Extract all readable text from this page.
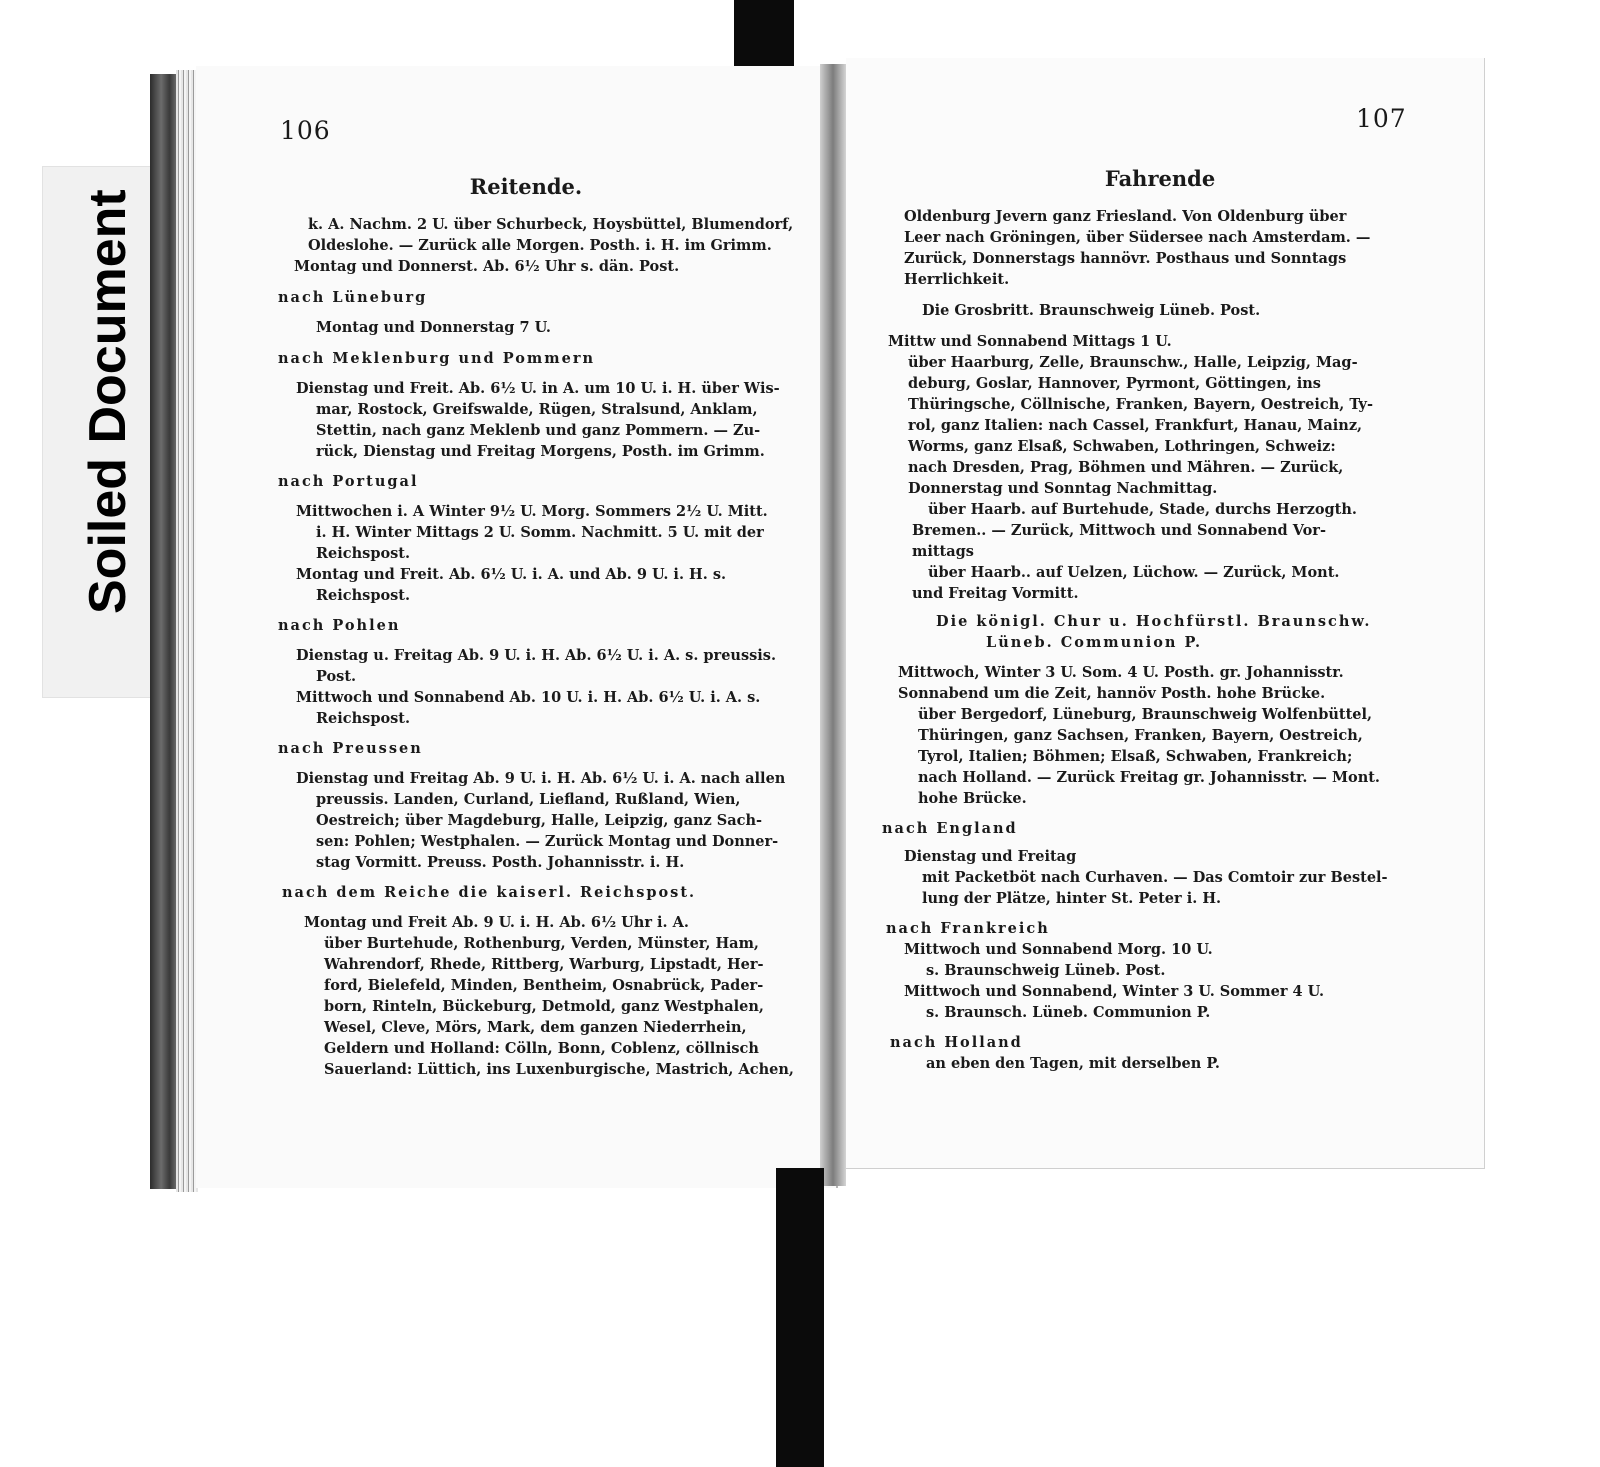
Soiled Document
106
Reitende.
k. A. Nachm. 2 U. über Schurbeck, Hoysbüttel, Blumendorf,
Oldeslohe. — Zurück alle Morgen. Posth. i. H. im Grimm.
Montag und Donnerst. Ab. 6½ Uhr s. dän. Post.
nach Lüneburg
Montag und Donnerstag 7 U.
nach Meklenburg und Pommern
Dienstag und Freit. Ab. 6½ U. in A. um 10 U. i. H. über Wis-
mar, Rostock, Greifswalde, Rügen, Stralsund, Anklam,
Stettin, nach ganz Meklenb und ganz Pommern. — Zu-
rück, Dienstag und Freitag Morgens, Posth. im Grimm.
nach Portugal
Mittwochen i. A Winter 9½ U. Morg. Sommers 2½ U. Mitt.
i. H. Winter Mittags 2 U. Somm. Nachmitt. 5 U. mit der
Reichspost.
Montag und Freit. Ab. 6½ U. i. A. und Ab. 9 U. i. H. s.
Reichspost.
nach Pohlen
Dienstag u. Freitag Ab. 9 U. i. H. Ab. 6½ U. i. A. s. preussis.
Post.
Mittwoch und Sonnabend Ab. 10 U. i. H. Ab. 6½ U. i. A. s.
Reichspost.
nach Preussen
Dienstag und Freitag Ab. 9 U. i. H. Ab. 6½ U. i. A. nach allen
preussis. Landen, Curland, Liefland, Rußland, Wien,
Oestreich; über Magdeburg, Halle, Leipzig, ganz Sach-
sen: Pohlen; Westphalen. — Zurück Montag und Donner-
stag Vormitt. Preuss. Posth. Johannisstr. i. H.
nach dem Reiche die kaiserl. Reichspost.
Montag und Freit Ab. 9 U. i. H. Ab. 6½ Uhr i. A.
über Burtehude, Rothenburg, Verden, Münster, Ham,
Wahrendorf, Rhede, Rittberg, Warburg, Lipstadt, Her-
ford, Bielefeld, Minden, Bentheim, Osnabrück, Pader-
born, Rinteln, Bückeburg, Detmold, ganz Westphalen,
Wesel, Cleve, Mörs, Mark, dem ganzen Niederrhein,
Geldern und Holland: Cölln, Bonn, Coblenz, cöllnisch
Sauerland: Lüttich, ins Luxenburgische, Mastrich, Achen,
107
Fahrende
Oldenburg Jevern ganz Friesland. Von Oldenburg über
Leer nach Gröningen, über Südersee nach Amsterdam. —
Zurück, Donnerstags hannövr. Posthaus und Sonntags
Herrlichkeit.
Die Grosbritt. Braunschweig Lüneb. Post.
Mittw und Sonnabend Mittags 1 U.
über Haarburg, Zelle, Braunschw., Halle, Leipzig, Mag-
deburg, Goslar, Hannover, Pyrmont, Göttingen, ins
Thüringsche, Cöllnische, Franken, Bayern, Oestreich, Ty-
rol, ganz Italien: nach Cassel, Frankfurt, Hanau, Mainz,
Worms, ganz Elsaß, Schwaben, Lothringen, Schweiz:
nach Dresden, Prag, Böhmen und Mähren. — Zurück,
Donnerstag und Sonntag Nachmittag.
über Haarb. auf Burtehude, Stade, durchs Herzogth.
Bremen.. — Zurück, Mittwoch und Sonnabend Vor-
mittags
über Haarb.. auf Uelzen, Lüchow. — Zurück, Mont.
und Freitag Vormitt.
Die königl. Chur u. Hochfürstl. Braunschw.
Lüneb. Communion P.
Mittwoch, Winter 3 U. Som. 4 U. Posth. gr. Johannisstr.
Sonnabend um die Zeit, hannöv Posth. hohe Brücke.
über Bergedorf, Lüneburg, Braunschweig Wolfenbüttel,
Thüringen, ganz Sachsen, Franken, Bayern, Oestreich,
Tyrol, Italien; Böhmen; Elsaß, Schwaben, Frankreich;
nach Holland. — Zurück Freitag gr. Johannisstr. — Mont.
hohe Brücke.
nach England
Dienstag und Freitag
mit Packetböt nach Curhaven. — Das Comtoir zur Bestel-
lung der Plätze, hinter St. Peter i. H.
nach Frankreich
Mittwoch und Sonnabend Morg. 10 U.
s. Braunschweig Lüneb. Post.
Mittwoch und Sonnabend, Winter 3 U. Sommer 4 U.
s. Braunsch. Lüneb. Communion P.
nach Holland
an eben den Tagen, mit derselben P.
